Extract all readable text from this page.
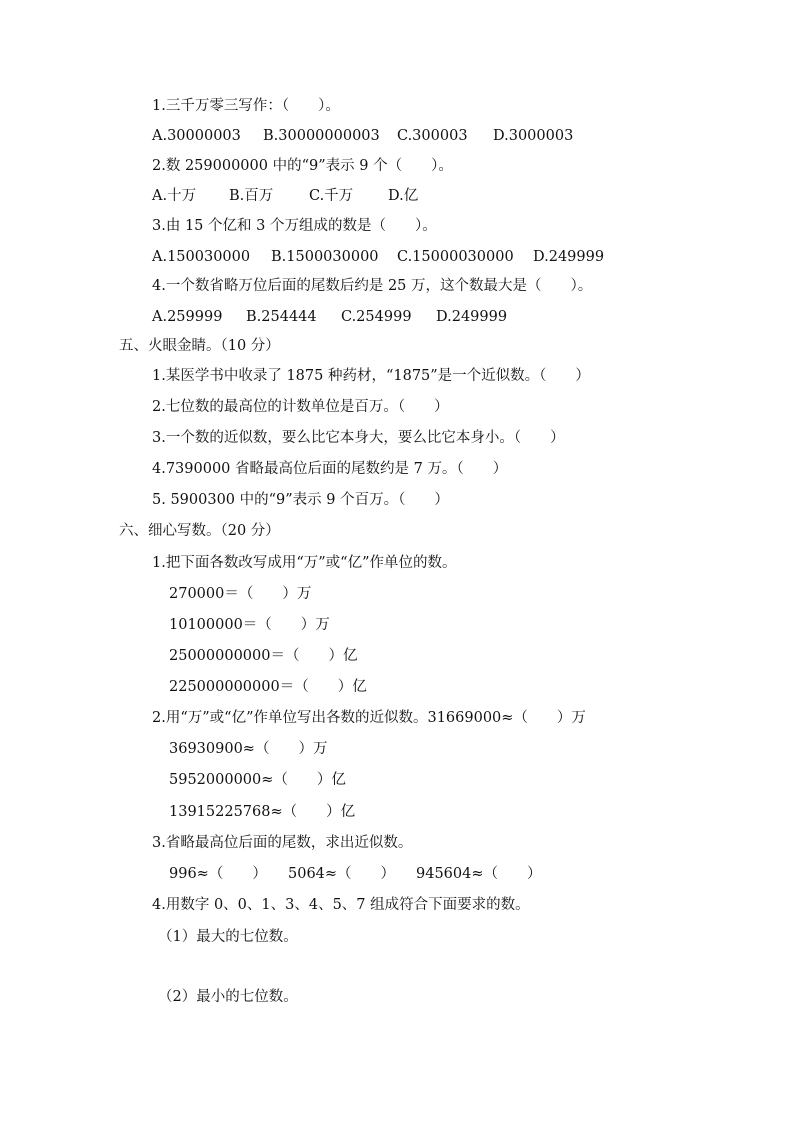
1.三千万零三写作：（　　）。
A.30000003 B.30000000003 C.300003 D.3000003
2.数 259000000 中的“9”表示 9 个（　　）。
A.十万 B.百万 C.千万 D.亿
3.由 15 个亿和 3 个万组成的数是（　　）。
A.150030000 B.1500030000 C.15000030000 D.249999
4.一个数省略万位后面的尾数后约是 25 万，这个数最大是（　　）。
A.259999 B.254444 C.254999 D.249999
五、火眼金睛。（10 分）
1.某医学书中收录了 1875 种药材，“1875”是一个近似数。（　　）
2.七位数的最高位的计数单位是百万。（　　）
3.一个数的近似数，要么比它本身大，要么比它本身小。（　　）
4.7390000 省略最高位后面的尾数约是 7 万。（　　）
5. 5900300 中的“9”表示 9 个百万。（　　）
六、细心写数。（20 分）
1.把下面各数改写成用“万”或“亿”作单位的数。
270000＝（　　）万
10100000＝（　　）万
25000000000＝（　　）亿
225000000000＝（　　）亿
2.用“万”或“亿”作单位写出各数的近似数。31669000≈（　　）万
36930900≈（　　）万
5952000000≈（　　）亿
13915225768≈（　　）亿
3.省略最高位后面的尾数，求出近似数。
996≈（　　） 5064≈（　　） 945604≈（　　）
4.用数字 0、0、1、3、4、5、7 组成符合下面要求的数。
（1）最大的七位数。
（2）最小的七位数。
